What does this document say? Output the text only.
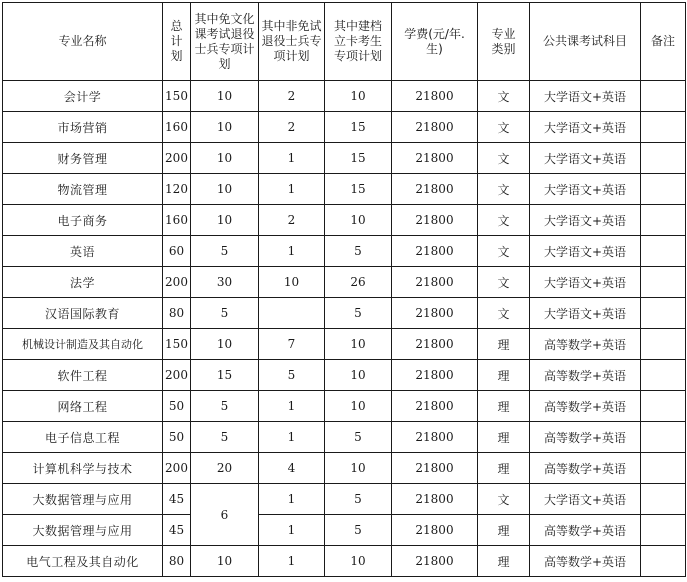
专业名称	总计划	其中免文化课考试退役士兵专项计划	其中非免试退役士兵专项计划	其中建档立卡考生专项计划	学费(元/年.生)	专业类别	公共课考试科目	备注

会计学	150	10	2	10	21800	文	大学语文+英语	
市场营销	160	10	2	15	21800	文	大学语文+英语	
财务管理	200	10	1	15	21800	文	大学语文+英语	
物流管理	120	10	1	15	21800	文	大学语文+英语	
电子商务	160	10	2	10	21800	文	大学语文+英语	
英语	60	5	1	5	21800	文	大学语文+英语	
法学	200	30	10	26	21800	文	大学语文+英语	
汉语国际教育	80	5		5	21800	文	大学语文+英语	
机械设计制造及其自动化	150	10	7	10	21800	理	高等数学+英语	
软件工程	200	15	5	10	21800	理	高等数学+英语	
网络工程	50	5	1	10	21800	理	高等数学+英语	
电子信息工程	50	5	1	5	21800	理	高等数学+英语	
计算机科学与技术	200	20	4	10	21800	理	高等数学+英语	
大数据管理与应用	45	6	1	5	21800	文	大学语文+英语	
大数据管理与应用	45		1	5	21800	理	高等数学+英语	
电气工程及其自动化	80	10	1	10	21800	理	高等数学+英语	
